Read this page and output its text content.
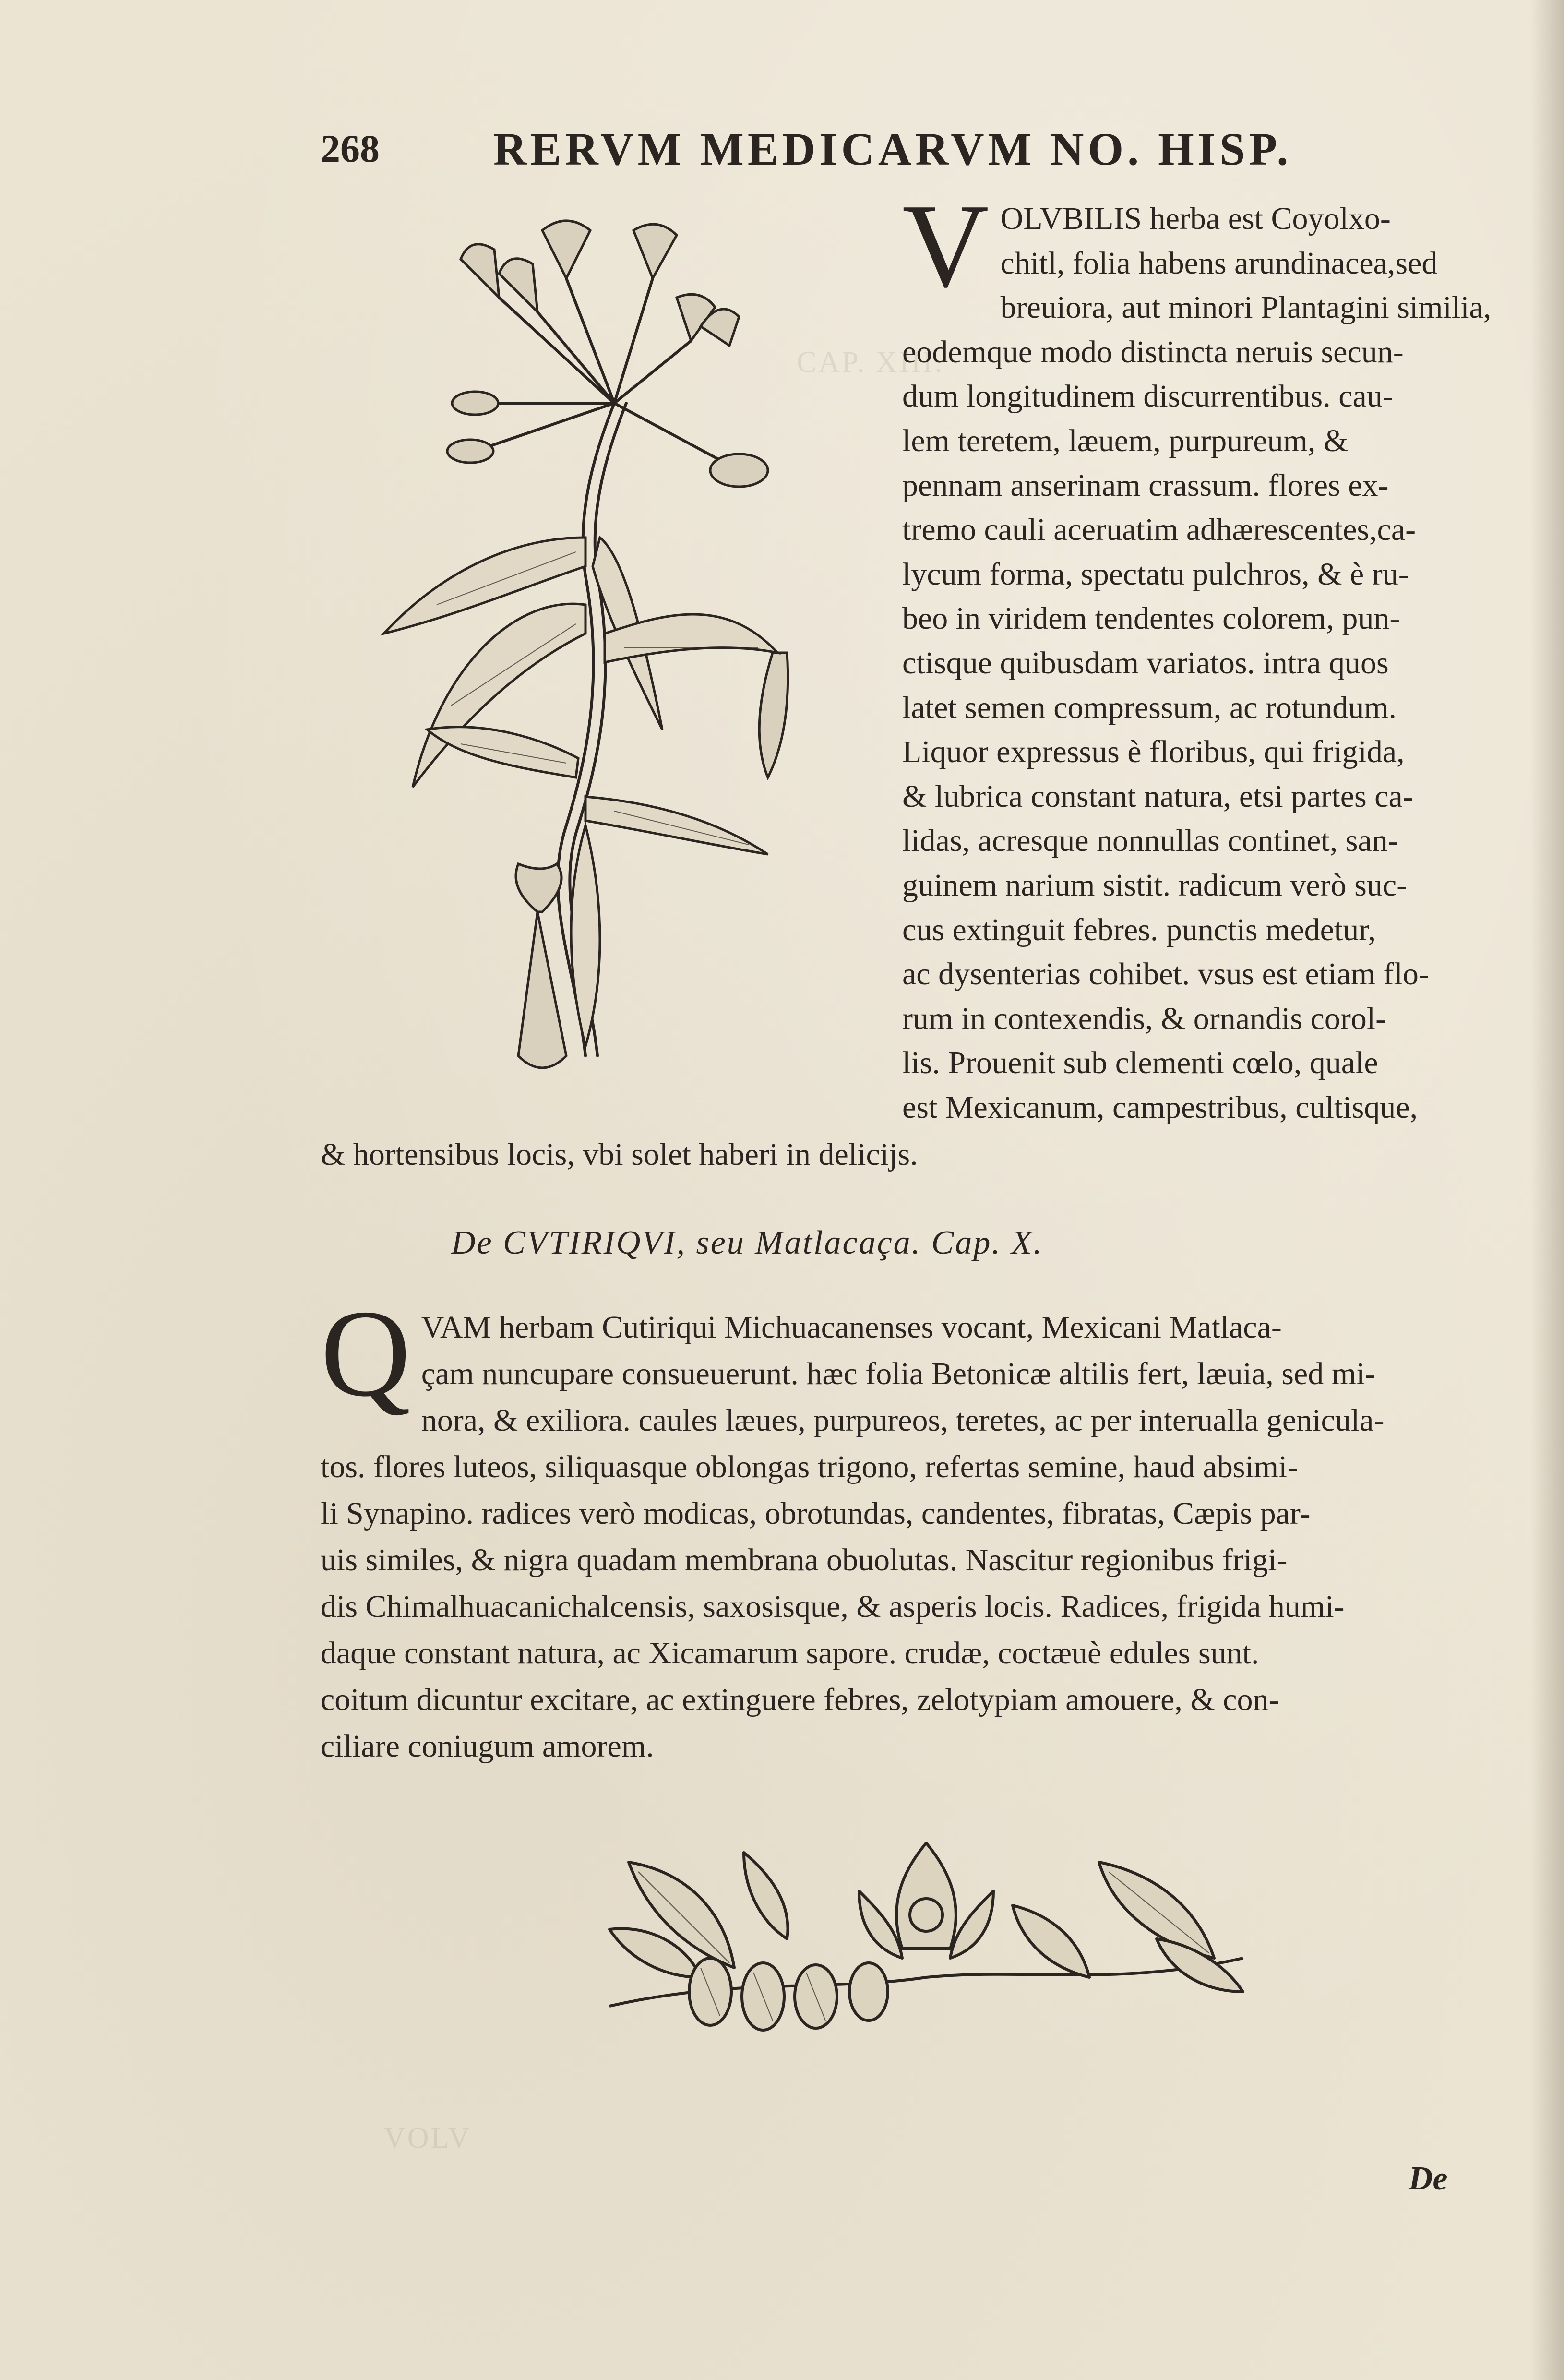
CAP. XIII.
VOLV
268 RERVM MEDICARVM NO. HISP.
V OLVBILIS herba est Coyolxo-
chitl, folia habens arundinacea,sed
breuiora, aut minori Plantagini similia,
eodemque modo distincta neruis secun-
dum longitudinem discurrentibus. cau-
lem teretem, læuem, purpureum, &
pennam anserinam crassum. flores ex-
tremo cauli aceruatim adhærescentes,ca-
lycum forma, spectatu pulchros, & è ru-
beo in viridem tendentes colorem, pun-
ctisque quibusdam variatos. intra quos
latet semen compressum, ac rotundum.
Liquor expressus è floribus, qui frigida,
& lubrica constant natura, etsi partes ca-
lidas, acresque nonnullas continet, san-
guinem narium sistit. radicum verò suc-
cus extinguit febres. punctis medetur,
ac dysenterias cohibet. vsus est etiam flo-
rum in contexendis, & ornandis corol-
lis. Prouenit sub clementi cœlo, quale
est Mexicanum, campestribus, cultisque,
& hortensibus locis, vbi solet haberi in delicijs.
De CVTIRIQVI, seu Matlacaça. Cap. X.
Q VAM herbam Cutiriqui Michuacanenses vocant, Mexicani Matlaca-
çam nuncupare consueuerunt. hæc folia Betonicæ altilis fert, læuia, sed mi-
nora, & exiliora. caules læues, purpureos, teretes, ac per interualla genicula-
tos. flores luteos, siliquasque oblongas trigono, refertas semine, haud absimi-
li Synapino. radices verò modicas, obrotundas, candentes, fibratas, Cæpis par-
uis similes, & nigra quadam membrana obuolutas. Nascitur regionibus frigi-
dis Chimalhuacanichalcensis, saxosisque, & asperis locis. Radices, frigida humi-
daque constant natura, ac Xicamarum sapore. crudæ, coctæuè edules sunt.
coitum dicuntur excitare, ac extinguere febres, zelotypiam amouere, & con-
ciliare coniugum amorem.
De
